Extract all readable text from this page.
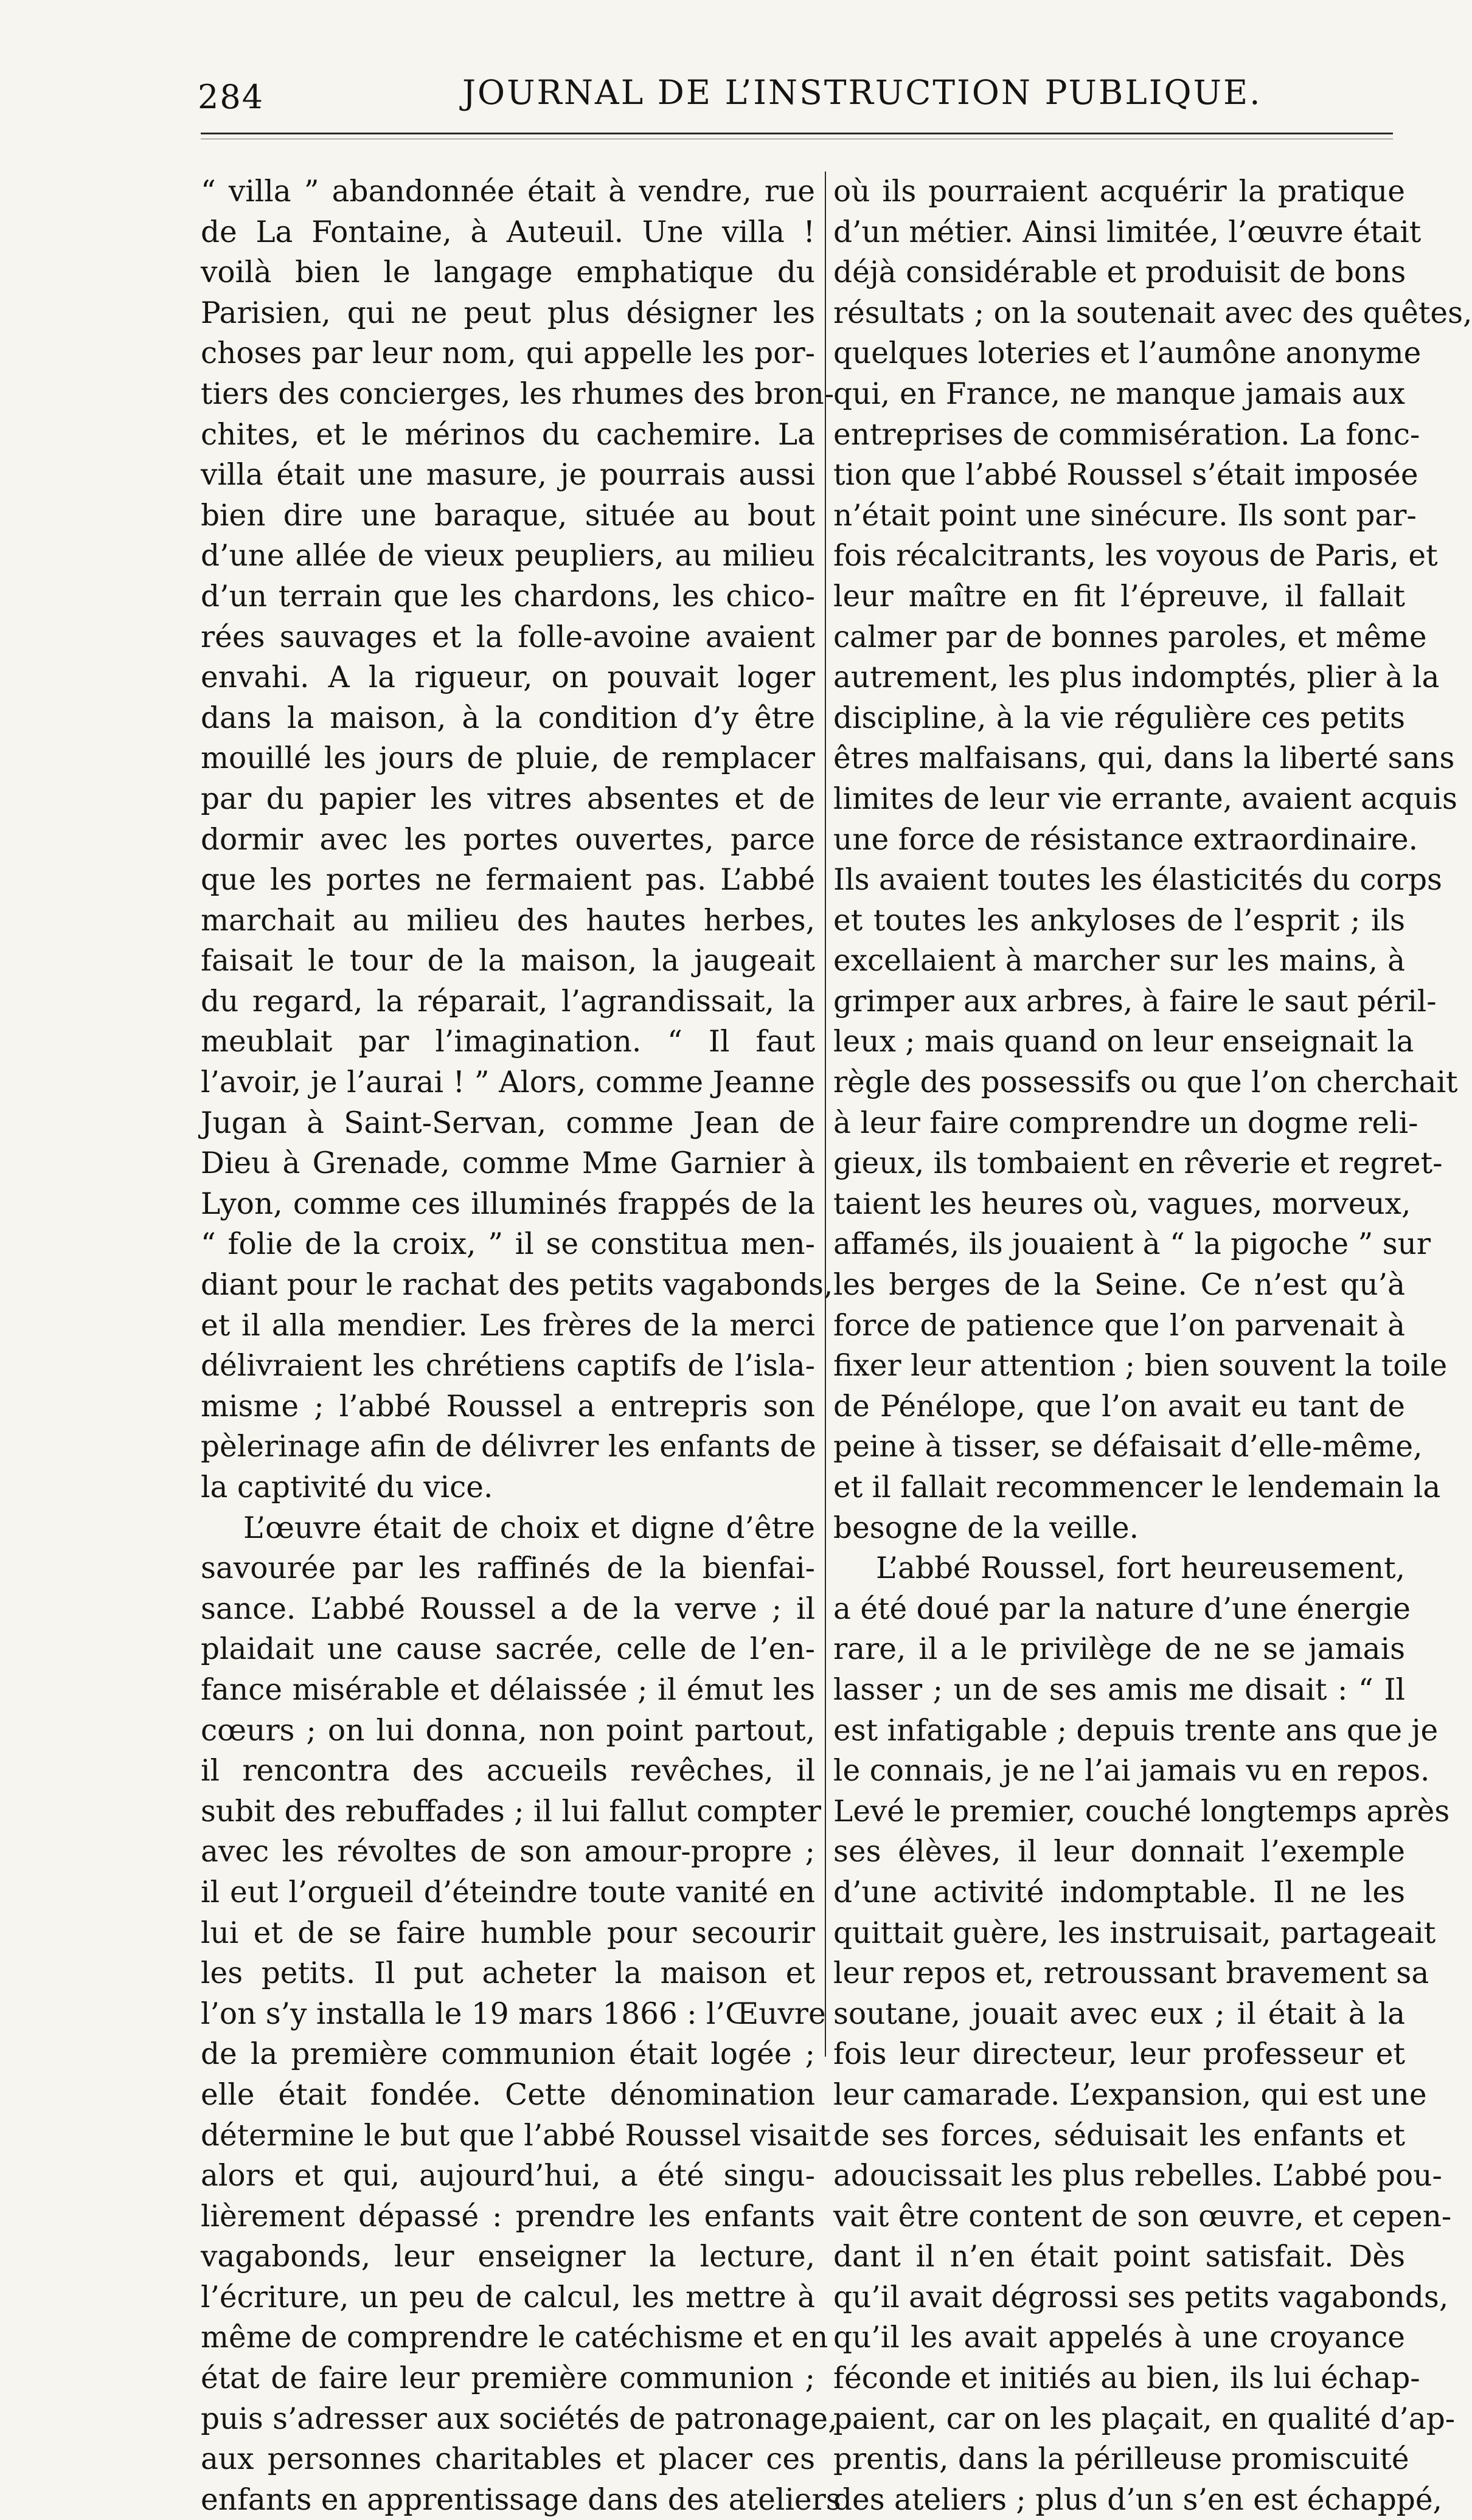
284	JOURNAL DE L’INSTRUCTION PUBLIQUE.
“ villa ” abandonnée était à vendre, rue
de La Fontaine, à Auteuil. Une villa !
voilà bien le langage emphatique du
Parisien, qui ne peut plus désigner les
choses par leur nom, qui appelle les por-
tiers des concierges, les rhumes des bron-
chites, et le mérinos du cachemire. La
villa était une masure, je pourrais aussi
bien dire une baraque, située au bout
d’une allée de vieux peupliers, au milieu
d’un terrain que les chardons, les chico-
rées sauvages et la folle-avoine avaient
envahi. A la rigueur, on pouvait loger
dans la maison, à la condition d’y être
mouillé les jours de pluie, de remplacer
par du papier les vitres absentes et de
dormir avec les portes ouvertes, parce
que les portes ne fermaient pas. L’abbé
marchait au milieu des hautes herbes,
faisait le tour de la maison, la jaugeait
du regard, la réparait, l’agrandissait, la
meublait par l’imagination. “ Il faut
l’avoir, je l’aurai ! ” Alors, comme Jeanne
Jugan à Saint-Servan, comme Jean de
Dieu à Grenade, comme Mme Garnier à
Lyon, comme ces illuminés frappés de la
“ folie de la croix, ” il se constitua men-
diant pour le rachat des petits vagabonds,
et il alla mendier. Les frères de la merci
délivraient les chrétiens captifs de l’isla-
misme ; l’abbé Roussel a entrepris son
pèlerinage afin de délivrer les enfants de
la captivité du vice.
L’œuvre était de choix et digne d’être
savourée par les raffinés de la bienfai-
sance. L’abbé Roussel a de la verve ; il
plaidait une cause sacrée, celle de l’en-
fance misérable et délaissée ; il émut les
cœurs ; on lui donna, non point partout,
il rencontra des accueils revêches, il
subit des rebuffades ; il lui fallut compter
avec les révoltes de son amour-propre ;
il eut l’orgueil d’éteindre toute vanité en
lui et de se faire humble pour secourir
les petits. Il put acheter la maison et
l’on s’y installa le 19 mars 1866 : l’Œuvre
de la première communion était logée ;
elle était fondée. Cette dénomination
détermine le but que l’abbé Roussel visait
alors et qui, aujourd’hui, a été singu-
lièrement dépassé : prendre les enfants
vagabonds, leur enseigner la lecture,
l’écriture, un peu de calcul, les mettre à
même de comprendre le catéchisme et en
état de faire leur première communion ;
puis s’adresser aux sociétés de patronage,
aux personnes charitables et placer ces
enfants en apprentissage dans des ateliers
où ils pourraient acquérir la pratique
d’un métier. Ainsi limitée, l’œuvre était
déjà considérable et produisit de bons
résultats ; on la soutenait avec des quêtes,
quelques loteries et l’aumône anonyme
qui, en France, ne manque jamais aux
entreprises de commisération. La fonc-
tion que l’abbé Roussel s’était imposée
n’était point une sinécure. Ils sont par-
fois récalcitrants, les voyous de Paris, et
leur maître en fit l’épreuve, il fallait
calmer par de bonnes paroles, et même
autrement, les plus indomptés, plier à la
discipline, à la vie régulière ces petits
êtres malfaisans, qui, dans la liberté sans
limites de leur vie errante, avaient acquis
une force de résistance extraordinaire.
Ils avaient toutes les élasticités du corps
et toutes les ankyloses de l’esprit ; ils
excellaient à marcher sur les mains, à
grimper aux arbres, à faire le saut péril-
leux ; mais quand on leur enseignait la
règle des possessifs ou que l’on cherchait
à leur faire comprendre un dogme reli-
gieux, ils tombaient en rêverie et regret-
taient les heures où, vagues, morveux,
affamés, ils jouaient à “ la pigoche ” sur
les berges de la Seine. Ce n’est qu’à
force de patience que l’on parvenait à
fixer leur attention ; bien souvent la toile
de Pénélope, que l’on avait eu tant de
peine à tisser, se défaisait d’elle-même,
et il fallait recommencer le lendemain la
besogne de la veille.
L’abbé Roussel, fort heureusement,
a été doué par la nature d’une énergie
rare, il a le privilège de ne se jamais
lasser ; un de ses amis me disait : “ Il
est infatigable ; depuis trente ans que je
le connais, je ne l’ai jamais vu en repos.
Levé le premier, couché longtemps après
ses élèves, il leur donnait l’exemple
d’une activité indomptable. Il ne les
quittait guère, les instruisait, partageait
leur repos et, retroussant bravement sa
soutane, jouait avec eux ; il était à la
fois leur directeur, leur professeur et
leur camarade. L’expansion, qui est une
de ses forces, séduisait les enfants et
adoucissait les plus rebelles. L’abbé pou-
vait être content de son œuvre, et cepen-
dant il n’en était point satisfait. Dès
qu’il avait dégrossi ses petits vagabonds,
qu’il les avait appelés à une croyance
féconde et initiés au bien, ils lui échap-
paient, car on les plaçait, en qualité d’ap-
prentis, dans la périlleuse promiscuité
des ateliers ; plus d’un s’en est échappé,
